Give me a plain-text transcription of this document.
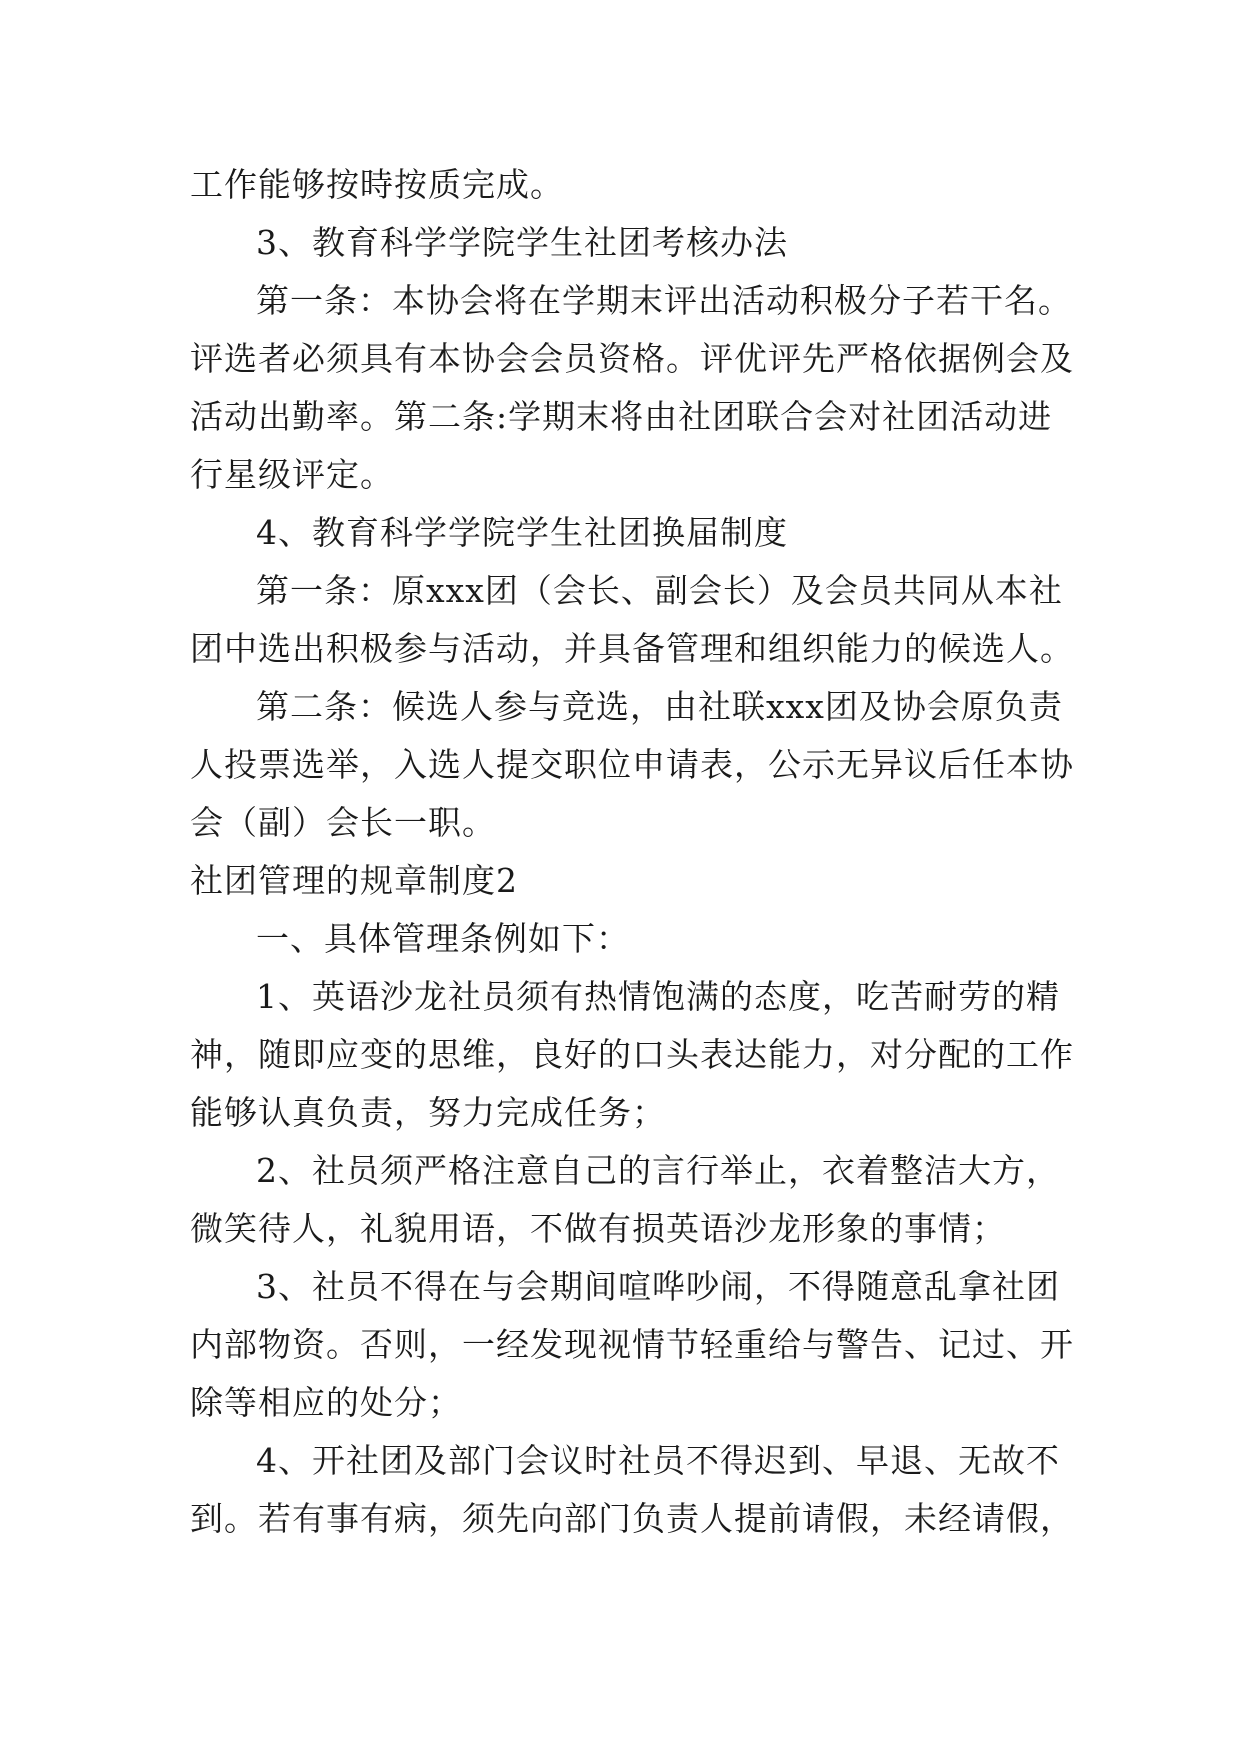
工作能够按時按质完成。
3、教育科学学院学生社团考核办法
第一条：本协会将在学期末评出活动积极分子若干名。
评选者必须具有本协会会员资格。评优评先严格依据例会及
活动出勤率。第二条:学期末将由社团联合会对社团活动进
行星级评定。
4、教育科学学院学生社团换届制度
第一条：原xxx团（会长、副会长）及会员共同从本社
团中选出积极参与活动，并具备管理和组织能力的候选人。
第二条：候选人参与竞选，由社联xxx团及协会原负责
人投票选举，入选人提交职位申请表，公示无异议后任本协
会（副）会长一职。
社团管理的规章制度2
一、具体管理条例如下：
1、英语沙龙社员须有热情饱满的态度，吃苦耐劳的精
神，随即应变的思维，良好的口头表达能力，对分配的工作
能够认真负责，努力完成任务；
2、社员须严格注意自己的言行举止，衣着整洁大方，
微笑待人，礼貌用语，不做有损英语沙龙形象的事情；
3、社员不得在与会期间喧哗吵闹，不得随意乱拿社团
内部物资。否则，一经发现视情节轻重给与警告、记过、开
除等相应的处分；
4、开社团及部门会议时社员不得迟到、早退、无故不
到。若有事有病，须先向部门负责人提前请假，未经请假，
